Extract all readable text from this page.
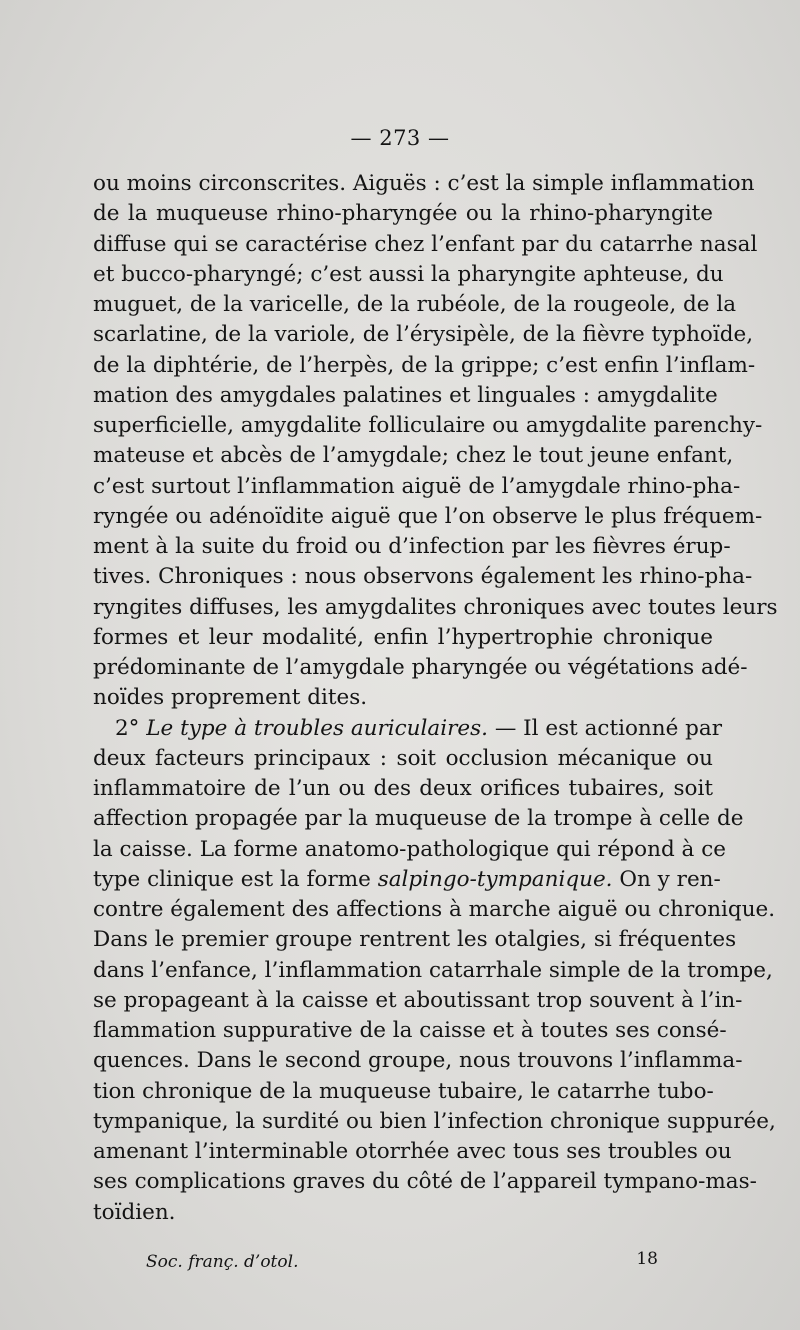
— 273 —
ou moins circonscrites. Aiguës : c’est la simple inflammation
de la muqueuse rhino-pharyngée ou la rhino-pharyngite
diffuse qui se caractérise chez l’enfant par du catarrhe nasal
et bucco-pharyngé; c’est aussi la pharyngite aphteuse, du
muguet, de la varicelle, de la rubéole, de la rougeole, de la
scarlatine, de la variole, de l’érysipèle, de la fièvre typhoïde,
de la diphtérie, de l’herpès, de la grippe; c’est enfin l’inflam-
mation des amygdales palatines et linguales : amygdalite
superficielle, amygdalite folliculaire ou amygdalite parenchy-
mateuse et abcès de l’amygdale; chez le tout jeune enfant,
c’est surtout l’inflammation aiguë de l’amygdale rhino-pha-
ryngée ou adénoïdite aiguë que l’on observe le plus fréquem-
ment à la suite du froid ou d’infection par les fièvres érup-
tives. Chroniques : nous observons également les rhino-pha-
ryngites diffuses, les amygdalites chroniques avec toutes leurs
formes et leur modalité, enfin l’hypertrophie chronique
prédominante de l’amygdale pharyngée ou végétations adé-
noïdes proprement dites.
2° Le type à troubles auriculaires. — Il est actionné par
deux facteurs principaux : soit occlusion mécanique ou
inflammatoire de l’un ou des deux orifices tubaires, soit
affection propagée par la muqueuse de la trompe à celle de
la caisse. La forme anatomo-pathologique qui répond à ce
type clinique est la forme salpingo-tympanique. On y ren-
contre également des affections à marche aiguë ou chronique.
Dans le premier groupe rentrent les otalgies, si fréquentes
dans l’enfance, l’inflammation catarrhale simple de la trompe,
se propageant à la caisse et aboutissant trop souvent à l’in-
flammation suppurative de la caisse et à toutes ses consé-
quences. Dans le second groupe, nous trouvons l’inflamma-
tion chronique de la muqueuse tubaire, le catarrhe tubo-
tympanique, la surdité ou bien l’infection chronique suppurée,
amenant l’interminable otorrhée avec tous ses troubles ou
ses complications graves du côté de l’appareil tympano-mas-
toïdien.
Soc. franç. d’otol.	18
